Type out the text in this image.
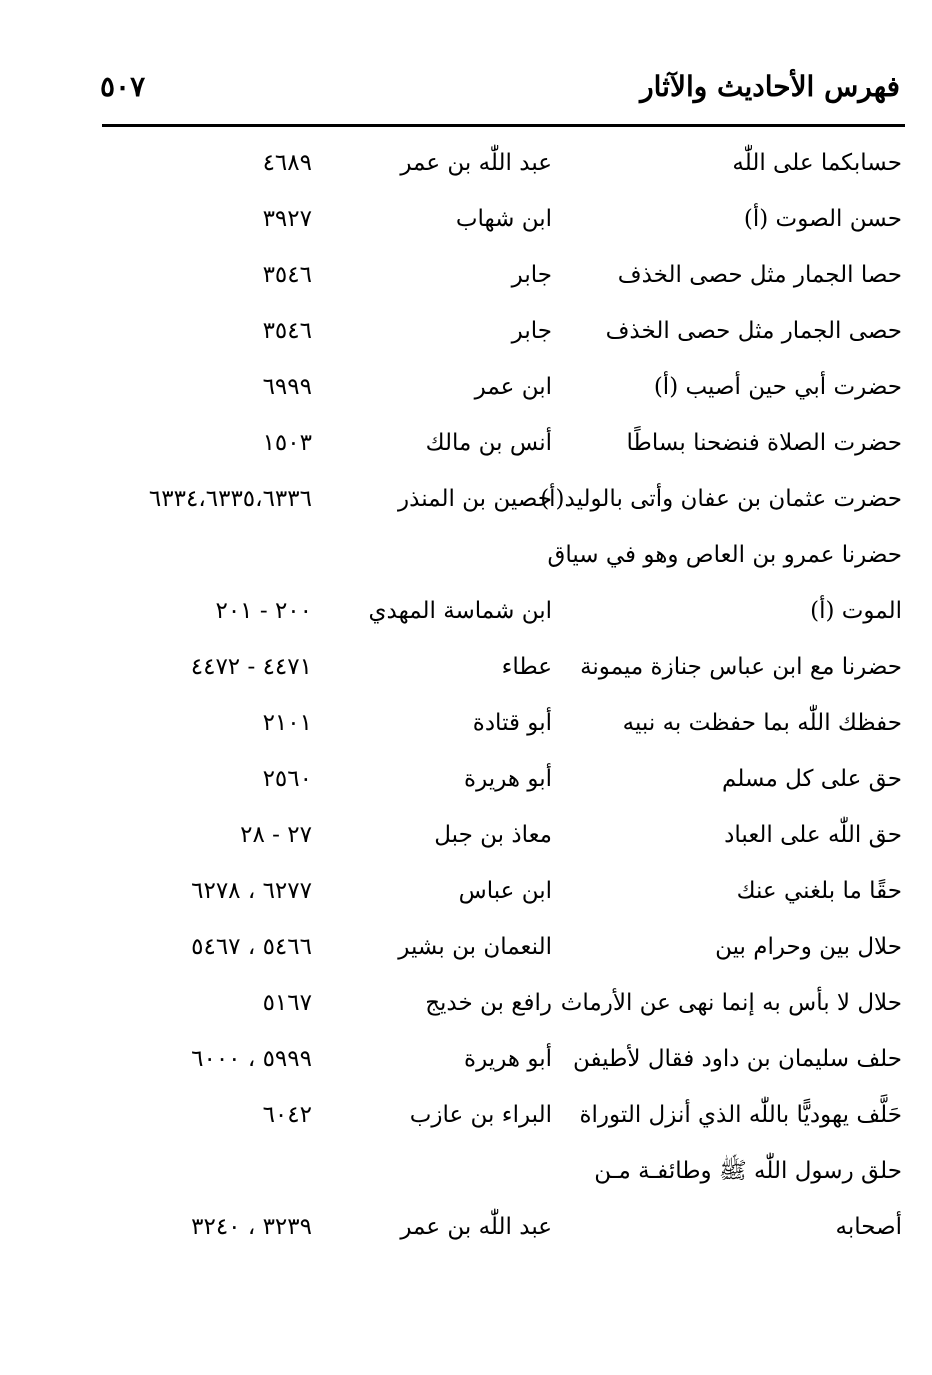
فهرس الأحاديث والآثار
٥٠٧
حسابكما على اللّٰه
عبد اللّٰه بن عمر
٤٦٨٩
حسن الصوت (أ)
ابن شهاب
٣٩٢٧
حصا الجمار مثل حصى الخذف
جابر
٣٥٤٦
حصى الجمار مثل حصى الخذف
جابر
٣٥٤٦
حضرت أبي حين أصيب (أ)
ابن عمر
٦٩٩٩
حضرت الصلاة فنضحنا بساطًا
أنس بن مالك
١٥٠٣
حضرت عثمان بن عفان وأتى بالوليد(أ)
حصين بن المنذر
٦٣٣٤،٦٣٣٥،٦٣٣٦
حضرنا عمرو بن العاص وهو في سياق
الموت (أ)
ابن شماسة المهدي
٢٠٠ - ٢٠١
حضرنا مع ابن عباس جنازة ميمونة
عطاء
٤٤٧١ - ٤٤٧٢
حفظك اللّٰه بما حفظت به نبيه
أبو قتادة
٢١٠١
حق على كل مسلم
أبو هريرة
٢٥٦٠
حق اللّٰه على العباد
معاذ بن جبل
٢٧ - ٢٨
حقًا ما بلغني عنك
ابن عباس
٦٢٧٧ ، ٦٢٧٨
حلال بين وحرام بين
النعمان بن بشير
٥٤٦٦ ، ٥٤٦٧
حلال لا بأس به إنما نهى عن الأرماث
رافع بن خديج
٥١٦٧
حلف سليمان بن داود فقال لأطيفن
أبو هريرة
٥٩٩٩ ، ٦٠٠٠
حَلَّف يهوديًّا باللّٰه الذي أنزل التوراة
البراء بن عازب
٦٠٤٢
حلق رسول اللّٰه ﷺ وطائفـة مـن
أصحابه
عبد اللّٰه بن عمر
٣٢٣٩ ، ٣٢٤٠
